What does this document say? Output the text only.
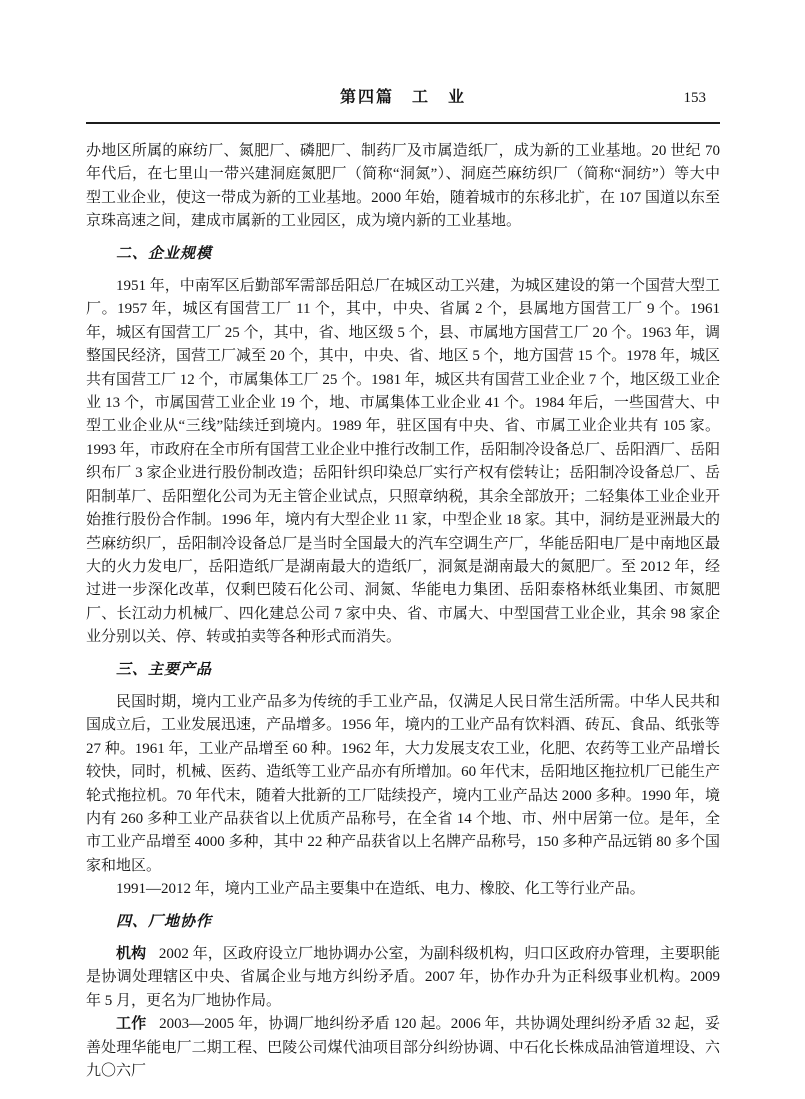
第四篇　工　业	153

办地区所属的麻纺厂、氮肥厂、磷肥厂、制药厂及市属造纸厂，成为新的工业基地。20 世纪 70 年代后，在七里山一带兴建洞庭氮肥厂（简称“洞氮”）、洞庭苎麻纺织厂（简称“洞纺”）等大中型工业企业，使这一带成为新的工业基地。2000 年始，随着城市的东移北扩，在 107 国道以东至京珠高速之间，建成市属新的工业园区，成为境内新的工业基地。

二、企业规模

1951 年，中南军区后勤部军需部岳阳总厂在城区动工兴建，为城区建设的第一个国营大型工厂。1957 年，城区有国营工厂 11 个，其中，中央、省属 2 个，县属地方国营工厂 9 个。1961 年，城区有国营工厂 25 个，其中，省、地区级 5 个，县、市属地方国营工厂 20 个。1963 年，调整国民经济，国营工厂减至 20 个，其中，中央、省、地区 5 个，地方国营 15 个。1978 年，城区共有国营工厂 12 个，市属集体工厂 25 个。1981 年，城区共有国营工业企业 7 个，地区级工业企业 13 个，市属国营工业企业 19 个，地、市属集体工业企业 41 个。1984 年后，一些国营大、中型工业企业从“三线”陆续迁到境内。1989 年，驻区国有中央、省、市属工业企业共有 105 家。1993 年，市政府在全市所有国营工业企业中推行改制工作，岳阳制冷设备总厂、岳阳酒厂、岳阳织布厂 3 家企业进行股份制改造；岳阳针织印染总厂实行产权有偿转让；岳阳制冷设备总厂、岳阳制革厂、岳阳塑化公司为无主管企业试点，只照章纳税，其余全部放开；二轻集体工业企业开始推行股份合作制。1996 年，境内有大型企业 11 家，中型企业 18 家。其中，洞纺是亚洲最大的苎麻纺织厂，岳阳制冷设备总厂是当时全国最大的汽车空调生产厂，华能岳阳电厂是中南地区最大的火力发电厂，岳阳造纸厂是湖南最大的造纸厂，洞氮是湖南最大的氮肥厂。至 2012 年，经过进一步深化改革，仅剩巴陵石化公司、洞氮、华能电力集团、岳阳泰格林纸业集团、市氮肥厂、长江动力机械厂、四化建总公司 7 家中央、省、市属大、中型国营工业企业，其余 98 家企业分别以关、停、转或拍卖等各种形式而消失。

三、主要产品

民国时期，境内工业产品多为传统的手工业产品，仅满足人民日常生活所需。中华人民共和国成立后，工业发展迅速，产品增多。1956 年，境内的工业产品有饮料酒、砖瓦、食品、纸张等 27 种。1961 年，工业产品增至 60 种。1962 年，大力发展支农工业，化肥、农药等工业产品增长较快，同时，机械、医药、造纸等工业产品亦有所增加。60 年代末，岳阳地区拖拉机厂已能生产轮式拖拉机。70 年代末，随着大批新的工厂陆续投产，境内工业产品达 2000 多种。1990 年，境内有 260 多种工业产品获省以上优质产品称号，在全省 14 个地、市、州中居第一位。是年，全市工业产品增至 4000 多种，其中 22 种产品获省以上名牌产品称号，150 多种产品远销 80 多个国家和地区。

1991—2012 年，境内工业产品主要集中在造纸、电力、橡胶、化工等行业产品。

四、厂地协作

机构 2002 年，区政府设立厂地协调办公室，为副科级机构，归口区政府办管理，主要职能是协调处理辖区中央、省属企业与地方纠纷矛盾。2007 年，协作办升为正科级事业机构。2009 年 5 月，更名为厂地协作局。

工作 2003—2005 年，协调厂地纠纷矛盾 120 起。2006 年，共协调处理纠纷矛盾 32 起，妥善处理华能电厂二期工程、巴陵公司煤代油项目部分纠纷协调、中石化长株成品油管道埋设、六九〇六厂
